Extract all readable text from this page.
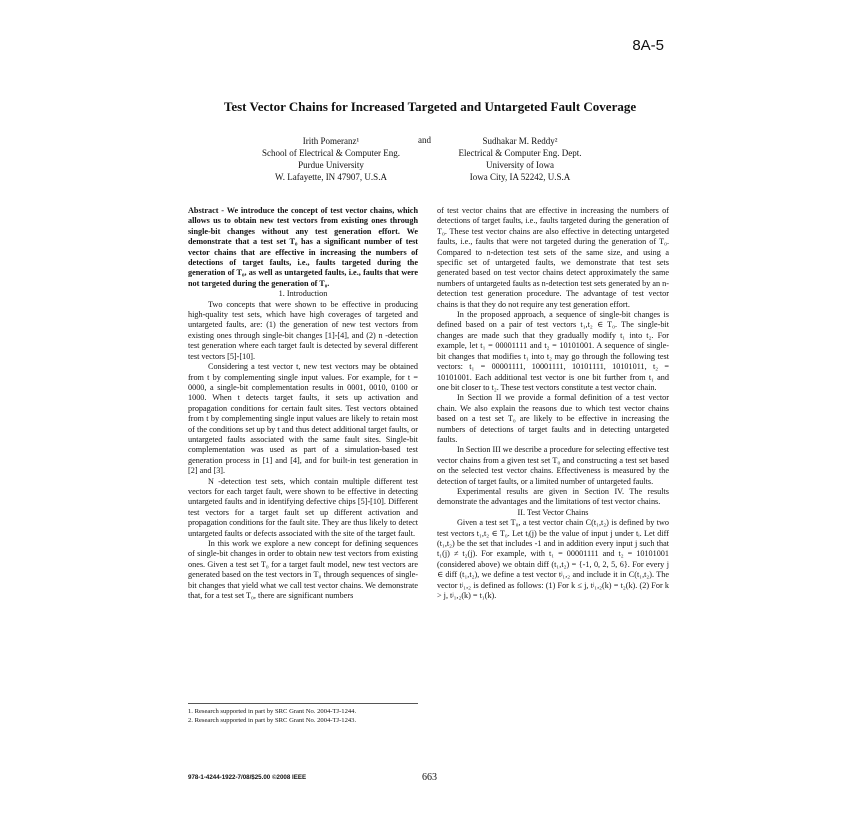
8A-5
Test Vector Chains for Increased Targeted and Untargeted Fault Coverage
Irith Pomeranz¹
School of Electrical & Computer Eng.
Purdue University
W. Lafayette, IN 47907, U.S.A
and	Sudhakar M. Reddy²
Electrical & Computer Eng. Dept.
University of Iowa
Iowa City, IA 52242, U.S.A

Abstract - We introduce the concept of test vector chains, which allows us to obtain new test vectors from existing ones through single-bit changes without any test generation effort. We demonstrate that a test set T₀ has a significant number of test vector chains that are effective in increasing the numbers of detections of target faults, i.e., faults targeted during the generation of T₀, as well as untargeted faults, i.e., faults that were not targeted during the generation of T₀.

1. Introduction

Two concepts that were shown to be effective in producing high-quality test sets, which have high coverages of targeted and untargeted faults, are: (1) the generation of new test vectors from existing ones through single-bit changes [1]-[4], and (2) n -detection test generation where each target fault is detected by several different test vectors [5]-[10].

Considering a test vector t, new test vectors may be obtained from t by complementing single input values. For example, for t = 0000, a single-bit complementation results in 0001, 0010, 0100 or 1000. When t detects target faults, it sets up activation and propagation conditions for certain fault sites. Test vectors obtained from t by complementing single input values are likely to retain most of the conditions set up by t and thus detect additional target faults, or untargeted faults associated with the same fault sites. Single-bit complementation was used as part of a simulation-based test generation process in [1] and [4], and for built-in test generation in [2] and [3].

N -detection test sets, which contain multiple different test vectors for each target fault, were shown to be effective in detecting untargeted faults and in identifying defective chips [5]-[10]. Different test vectors for a target fault set up different activation and propagation conditions for the fault site. They are thus likely to detect untargeted faults or defects associated with the site of the target fault.

In this work we explore a new concept for defining sequences of single-bit changes in order to obtain new test vectors from existing ones. Given a test set T₀ for a target fault model, new test vectors are generated based on the test vectors in T₀ through sequences of single-bit changes that yield what we call test vector chains. We demonstrate that, for a test set T₀, there are significant numbers

1. Research supported in part by SRC Grant No. 2004-TJ-1244.
2. Research supported in part by SRC Grant No. 2004-TJ-1243.

of test vector chains that are effective in increasing the numbers of detections of target faults, i.e., faults targeted during the generation of T₀. These test vector chains are also effective in detecting untargeted faults, i.e., faults that were not targeted during the generation of T₀. Compared to n-detection test sets of the same size, and using a specific set of untargeted faults, we demonstrate that test sets generated based on test vector chains detect approximately the same numbers of untargeted faults as n-detection test sets generated by an n-detection test generation procedure. The advantage of test vector chains is that they do not require any test generation effort.

In the proposed approach, a sequence of single-bit changes is defined based on a pair of test vectors t₁,t₂ ∈ T₀. The single-bit changes are made such that they gradually modify t₁ into t₂. For example, let t₁ = 00001111 and t₂ = 10101001. A sequence of single-bit changes that modifies t₁ into t₂ may go through the following test vectors: t₁ = 00001111, 10001111, 10101111, 10101011, t₂ = 10101001. Each additional test vector is one bit further from t₁ and one bit closer to t₂. These test vectors constitute a test vector chain.

In Section II we provide a formal definition of a test vector chain. We also explain the reasons due to which test vector chains based on a test set T₀ are likely to be effective in increasing the numbers of detections of target faults and in detecting untargeted faults.

In Section III we describe a procedure for selecting effective test vector chains from a given test set T₀ and constructing a test set based on the selected test vector chains. Effectiveness is measured by the detection of target faults, or a limited number of untargeted faults.

Experimental results are given in Section IV. The results demonstrate the advantages and the limitations of test vector chains.

II. Test Vector Chains

Given a test set T₀, a test vector chain C(t₁,t₂) is defined by two test vectors t₁,t₂ ∈ T₀. Let tᵢ(j) be the value of input j under tᵢ. Let diff (t₁,t₂) be the set that includes -1 and in addition every input j such that t₁(j) ≠ t₂(j). For example, with t₁ = 00001111 and t₂ = 10101001 (considered above) we obtain diff (t₁,t₂) = {-1, 0, 2, 5, 6}. For every j ∈ diff (t₁,t₂), we define a test vector tʲ₁,₂ and include it in C(t₁,t₂). The vector tʲ₁,₂ is defined as follows: (1) For k ≤ j, tʲ₁,₂(k) = t₂(k). (2) For k > j, tʲ₁,₂(k) = t₁(k).

978-1-4244-1922-7/08/$25.00 ©2008 IEEE	663
